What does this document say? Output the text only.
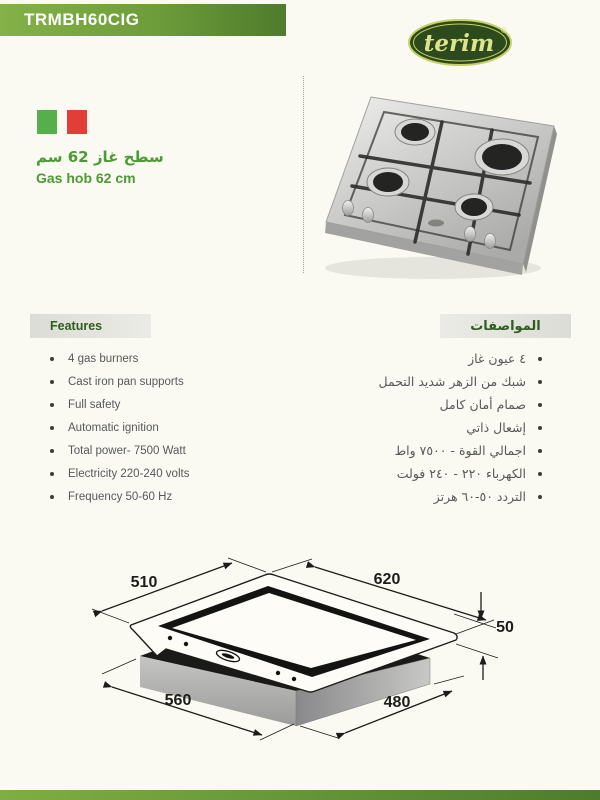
TRMBH60CIG
terim ®
سطح غاز 62 سم
Gas hob 62 cm
Features	المواصفات
4 gas burners
Cast iron pan supports
Full safety
Automatic ignition
Total power- 7500 Watt
Electricity 220-240 volts
Frequency 50-60 Hz
٤ عيون غاز
شبك من الزهر شديد التحمل
صمام أمان كامل
إشعال ذاتي
اجمالي القوة - ٧٥٠٠ واط
الكهرباء ٢٢٠ - ٢٤٠ فولت
التردد ٥٠-٦٠ هرتز
510	620
50
560	480
